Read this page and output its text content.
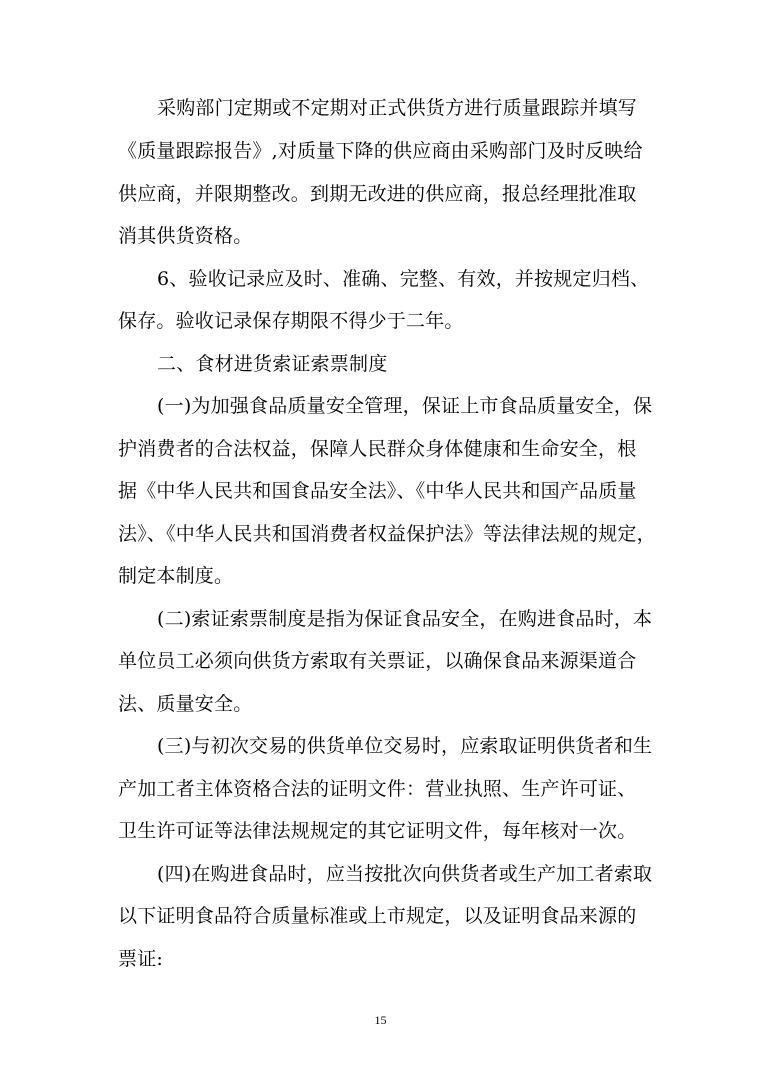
采购部门定期或不定期对正式供货方进行质量跟踪并填写
《质量跟踪报告》,对质量下降的供应商由采购部门及时反映给
供应商，并限期整改。到期无改进的供应商，报总经理批准取
消其供货资格。
6、验收记录应及时、准确、完整、有效，并按规定归档、
保存。验收记录保存期限不得少于二年。
二、食材进货索证索票制度
(一)为加强食品质量安全管理，保证上市食品质量安全，保
护消费者的合法权益，保障人民群众身体健康和生命安全，根
据《中华人民共和国食品安全法》、《中华人民共和国产品质量
法》、《中华人民共和国消费者权益保护法》等法律法规的规定，
制定本制度。
(二)索证索票制度是指为保证食品安全，在购进食品时，本
单位员工必须向供货方索取有关票证，以确保食品来源渠道合
法、质量安全。
(三)与初次交易的供货单位交易时，应索取证明供货者和生
产加工者主体资格合法的证明文件：营业执照、生产许可证、
卫生许可证等法律法规规定的其它证明文件，每年核对一次。
(四)在购进食品时，应当按批次向供货者或生产加工者索取
以下证明食品符合质量标准或上市规定，以及证明食品来源的
票证:
15
